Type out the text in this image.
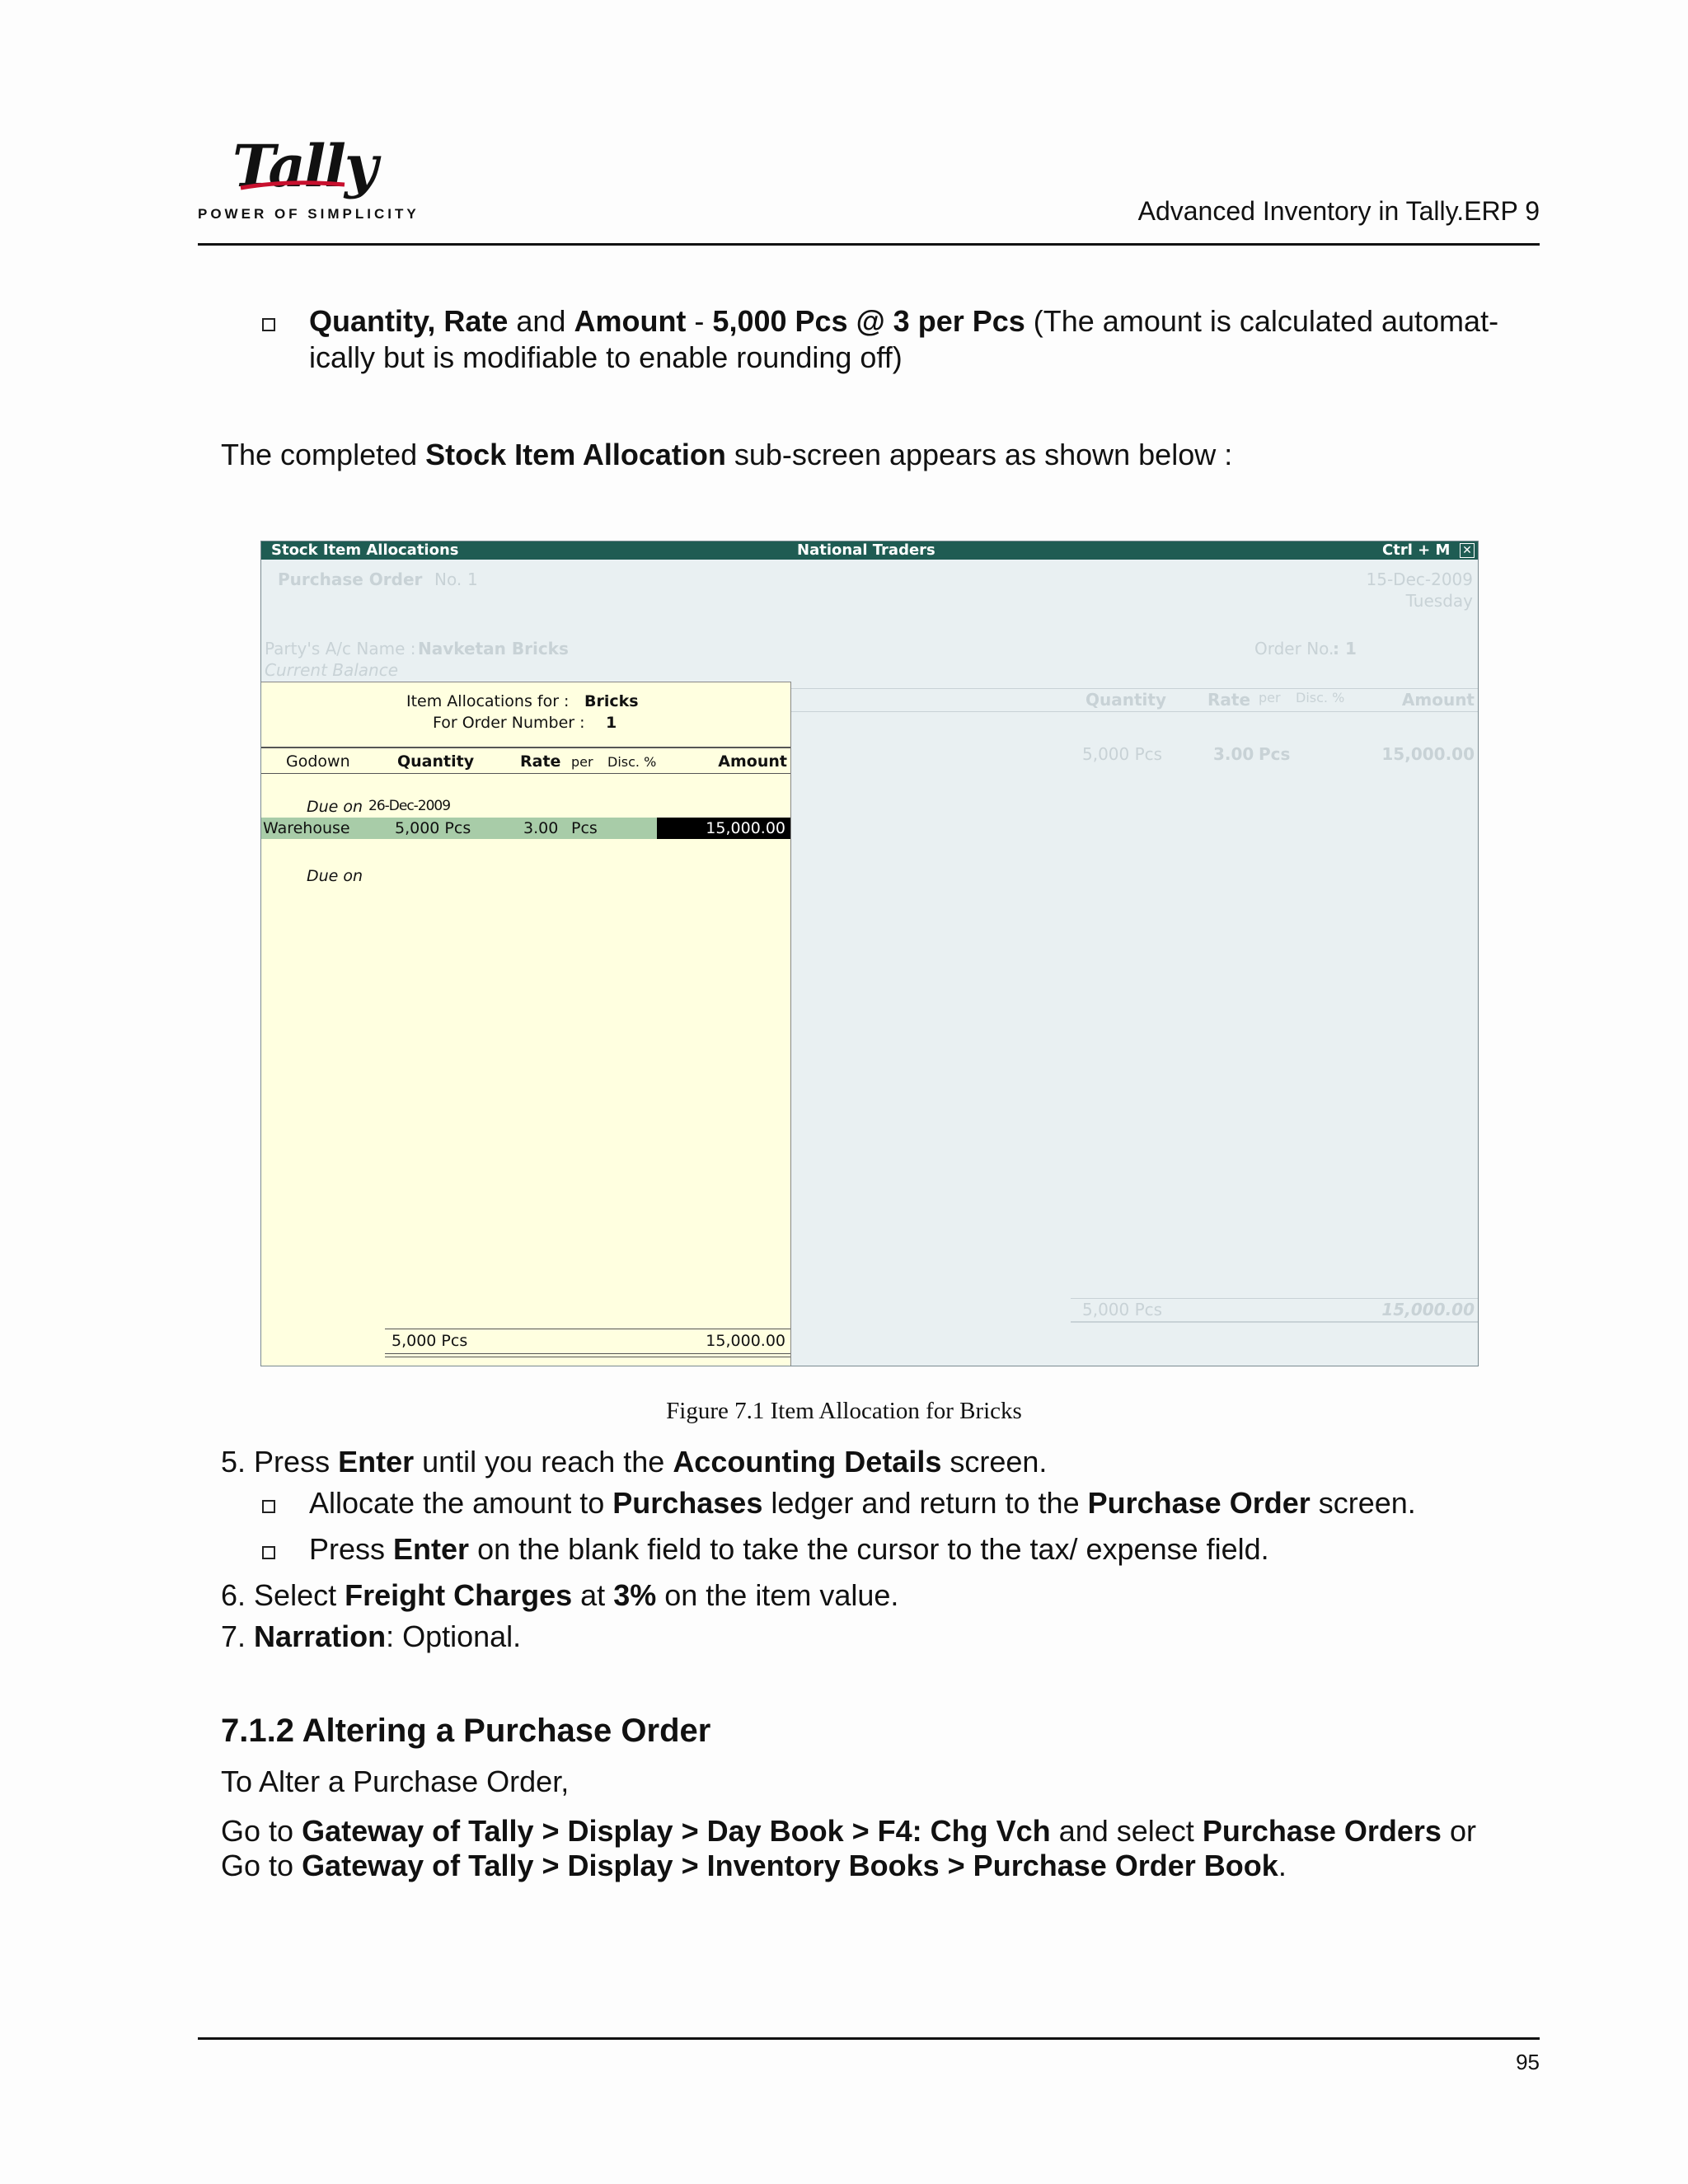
Tally
POWER OF SIMPLICITY	Advanced Inventory in Tally.ERP 9
Quantity, Rate and Amount - 5,000 Pcs @ 3 per Pcs (The amount is calculated automat-
ically but is modifiable to enable rounding off)
The completed Stock Item Allocation sub-screen appears as shown below :
Stock Item Allocations	National Traders	Ctrl + M ✕
Purchase Order No. 1	15-Dec-2009
Tuesday
Party's A/c Name : Navketan Bricks
Current Balance
Order No.
: 1
Quantity	Rate per Disc. %	Amount
5,000 Pcs	3.00 Pcs	15,000.00
5,000 Pcs	15,000.00
Item Allocations for : Bricks
For Order Number : 1
Godown	Quantity	Rate per Disc. %	Amount
Due on 26-Dec-2009
Warehouse	5,000 Pcs	3.00 Pcs	15,000.00
Due on
5,000 Pcs	15,000.00
Figure 7.1 Item Allocation for Bricks
5. Press Enter until you reach the Accounting Details screen.
Allocate the amount to Purchases ledger and return to the Purchase Order screen.
Press Enter on the blank field to take the cursor to the tax/ expense field.
6. Select Freight Charges at 3% on the item value.
7. Narration: Optional.
7.1.2 Altering a Purchase Order
To Alter a Purchase Order,
Go to Gateway of Tally > Display > Day Book > F4: Chg Vch and select Purchase Orders or
Go to Gateway of Tally > Display > Inventory Books > Purchase Order Book.
95
